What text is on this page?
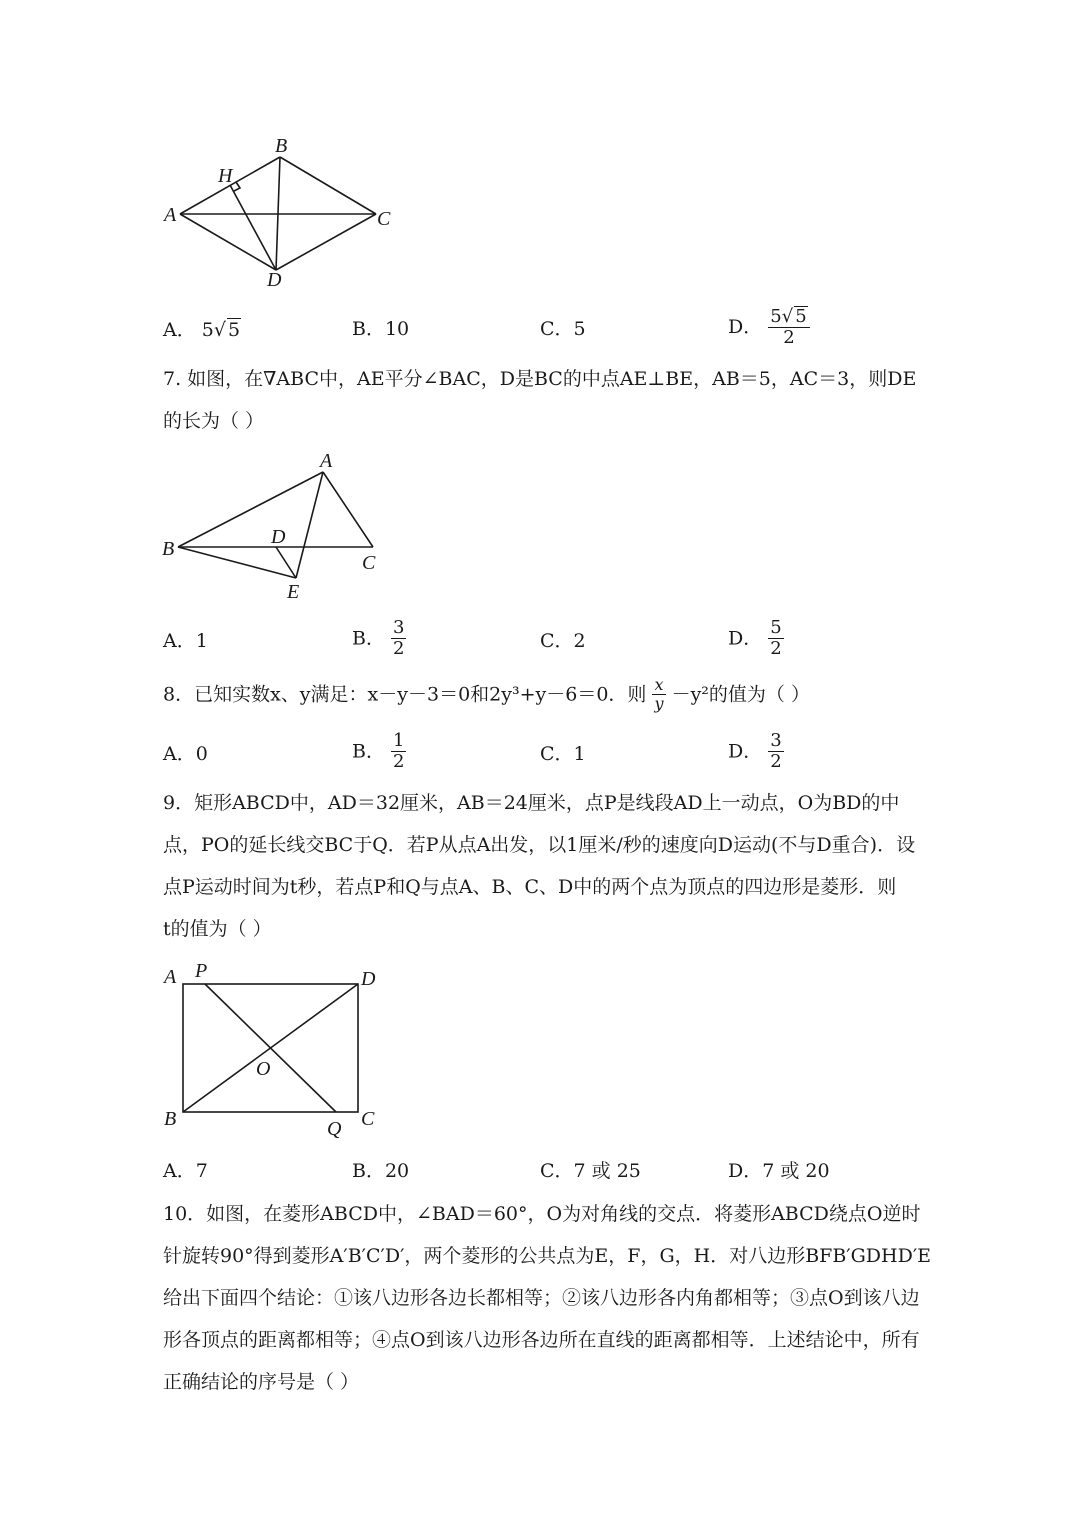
B
H
A	C
D
A． 5√ 5	B．10	C．5	D． $\frac{5√ 5}{2}$
7. 如图，在∇ABC中，AE平分∠BAC，D是BC的中点AE⊥BE，AB＝5，AC＝3，则DE
的长为（ ）
A
B
D
C
E
A．1	B． $\frac{3}{2}$	C．2	D． $\frac{5}{2}$
8．已知实数x、y满足：x－y－3＝0和2y³+y－6＝0．则 $\frac{x}{y} -y^2$的值为（ ）
A．0	B． $\frac{1}{2}$	C．1	D． $\frac{3}{2}$
9．矩形ABCD中，AD＝32厘米，AB＝24厘米，点P是线段AD上一动点，O为BD的中
点，PO的延长线交BC于Q．若P从点A出发，以1厘米/秒的速度向D运动(不与D重合)．设
点P运动时间为t秒，若点P和Q与点A、B、C、D中的两个点为顶点的四边形是菱形．则
t的值为（ ）
A P	D
O
B	Q C
A．7	B．20	C．7 或 25	D．7 或 20
10．如图，在菱形ABCD中，∠BAD＝60°，O为对角线的交点．将菱形ABCD绕点O逆时
针旋转90°得到菱形A′B′C′D′，两个菱形的公共点为E，F，G，H．对八边形BFB′GDHD′E
给出下面四个结论：①该八边形各边长都相等；②该八边形各内角都相等；③点O到该八边
形各顶点的距离都相等；④点O到该八边形各边所在直线的距离都相等．上述结论中，所有
正确结论的序号是（ ）
